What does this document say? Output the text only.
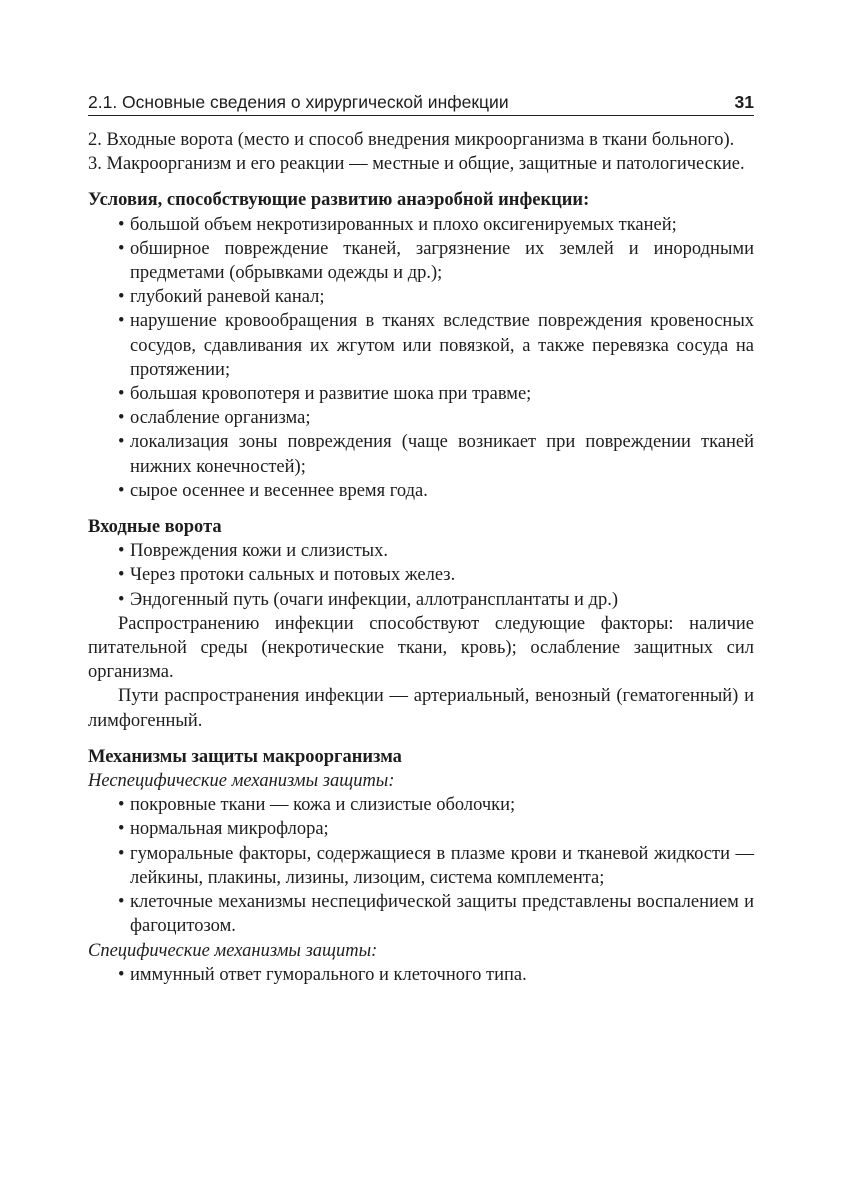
2.1. Основные сведения о хирургической инфекции	31

2. Входные ворота (место и способ внедрения микроорганизма в ткани больного).

3. Макроорганизм и его реакции — местные и общие, защитные и патологические.

Условия, способствующие развитию анаэробной инфекции:

• большой объем некротизированных и плохо оксигенируемых тканей;
• обширное повреждение тканей, загрязнение их землей и инородными предметами (обрывками одежды и др.);
• глубокий раневой канал;
• нарушение кровообращения в тканях вследствие повреждения кровеносных сосудов, сдавливания их жгутом или повязкой, а также перевязка сосуда на протяжении;
• большая кровопотеря и развитие шока при травме;
• ослабление организма;
• локализация зоны повреждения (чаще возникает при повреждении тканей нижних конечностей);
• сырое осеннее и весеннее время года.

Входные ворота

• Повреждения кожи и слизистых.
• Через протоки сальных и потовых желез.
• Эндогенный путь (очаги инфекции, аллотрансплантаты и др.)

Распространению инфекции способствуют следующие факторы: наличие питательной среды (некротические ткани, кровь); ослабление защитных сил организма.

Пути распространения инфекции — артериальный, венозный (гематогенный) и лимфогенный.

Механизмы защиты макроорганизма

Неспецифические механизмы защиты:

• покровные ткани — кожа и слизистые оболочки;
• нормальная микрофлора;
• гуморальные факторы, содержащиеся в плазме крови и тканевой жидкости — лейкины, плакины, лизины, лизоцим, система комплемента;
• клеточные механизмы неспецифической защиты представлены воспалением и фагоцитозом.

Специфические механизмы защиты:

• иммунный ответ гуморального и клеточного типа.
